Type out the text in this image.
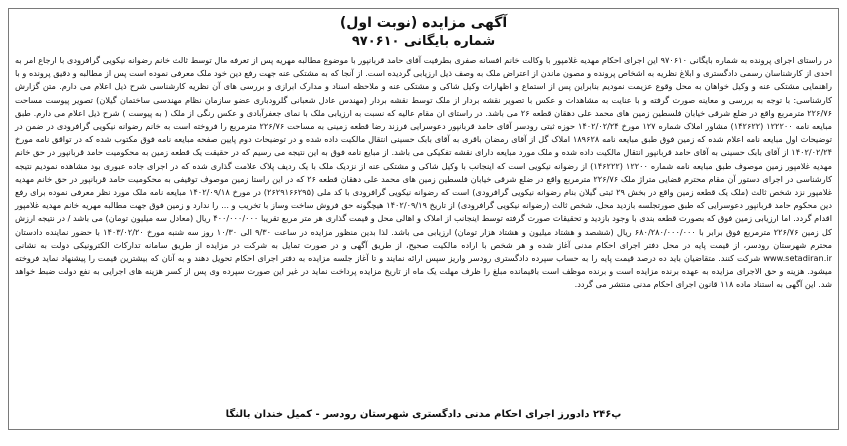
آگهی مزایده (نوبت اول)

شماره بایگانی ۹۷۰۶۱۰

در راستای اجرای پرونده به شماره بایگانی ۹۷۰۶۱۰ این اجرای احکام مهدیه غلامپور با وکالت خانم افسانه صفری بطرفیت آقای حامد قربانپور با موضوع مطالبه مهریه پس از تعرفه مال توسط ثالث خانم رضوانه نیکویی گرافرودی با ارجاع امر به احدی از کارشناسان رسمی دادگستری و ابلاغ نظریه به اشخاص پرونده و مصون ماندن از اعتراض ملک به وصف ذیل ارزیابی گردیده است. از آنجا که به مشتکی عنه جهت رفع دین خود ملک معرفی نموده است پس از مطالبه و دقیق پرونده و با راهنمایی مشتکی عنه و وکیل خواهان به محل وقوع عزیمت نمودیم بنابراین پس از استماع و اظهارات وکیل شاکی و مشتکی عنه و ملاحظه اسناد و مدارک ابرازی و بررسی های آن نظریه کارشناسی شرح ذیل اعلام می دارم. متن گزارش کارشناسی: با توجه به بررسی و معاینه صورت گرفته و با عنایت به مشاهدات و عکس با تصویر نقشه بردار از ملک توسط نقشه بردار (مهندس عادل شعبانی گلرودباری عضو سازمان نظام مهندسی ساختمان گیلان) تصویر پیوست مساحت ۲۲۶/۷۶ مترمربع واقع در ضلع شرقی خیابان فلسطین زمین های محمد علی دهقان قطعه ۲۶ می باشد. در راستای ان مقام عالیه که نسبت به ارزیابی ملک با نمای جعفرآبادی و عکس رنگی از ملک ( به پیوست ) شرح ذیل اعلام می دارم. طبق مبایعه نامه ۱۲۲۲۰۰ (۱۴۲۶۲۲) مشاور املاک شماره ۱۲۷ مورخ ۱۴۰۲/۰۲/۲۴ حوزه ثبتی رودسر آقای حامد قربانپور دعوسرایی فرزند رضا قطعه زمینی به مساحت ۲۲۶/۷۶ مترمربع را فروخته است به خانم رضوانه نیکویی گرافرودی در ضمن در توضیحات اول مبایعه نامه اعلام شده که زمین فوق طبق مبایعه نامه ۱۸۹۶۲۸ املاک گل از آقای رمضان باقری به آقای بابک حسینی انتقال مالکیت داده شده و در توضیحات دوم پایین صفحه مبایعه نامه فوق مکتوب شده که در تواقق نامه مورخ ۱۴۰۲/۰۲/۲۴ از آقای بابک حسینی به آقای حامد قربانپور انتقال مالکیت داده شده و ملک مورد مبایعه دارای نقشه تفکیکی می باشد. از مبایع نامه فوق به این نتیجه می رسیم که در حقیقت یک قطعه زمین به محکومیت حامد قربانپور در حق خانم مهدیه غلامپور زمین موصوف طبق مبایعه نامه شماره ۱۲۲۰۰ (۱۴۶۲۲۲) از رضوانه نیکویی است که اینجانب با وکیل شاکی و مشتکی عنه از نزدیک ملک با یک ردیف پلاک علامت گذاری شده که در اجرای جاده عبوری بود مشاهده نمودیم نتیجه کارشناسی در اجرای دستور آن مقام محترم قضایی متراژ ملک ۲۲۶/۷۶ مترمربع واقع در ضلع شرقی خیابان فلسطین زمین های محمد علی دهقان قطعه ۲۶ که در این راستا زمین موصوف توقیفی به محکومیت حامد قربانپور در حق خانم مهدیه غلامپور نزد شخص ثالث (ملک یک قطعه زمین واقع در بخش ۲۹ ثبتی گیلان بنام رضوانه نیکویی گرافرودی) است که رضوانه نیکویی گرافرودی با کد ملی (۲۶۲۹۱۶۶۲۹۵) در مورخ ۱۴۰۲/۰۹/۱۸ مبایعه نامه ملک مورد نظر معرفی نموده برای رفع دین محکوم حامد قربانپور دعوسرایی که طبق صورتجلسه بازدید محل، شخص ثالث (رضوانه نیکویی گرافرودی) از تاریخ ۱۴۰۲/۰۹/۱۹ هیچگونه حق فروش ساخت وساز با تخریب و ... را ندارد و زمین فوق جهت مطالبه مهریه خانم مهدیه غلامپور اقدام گردد. اما ارزیابی زمین فوق که بصورت قطعه بندی با وجود بازدید و تحقیقات صورت گرفته توسط اینجانب از املاک و اهالی محل و قیمت گذاری هر متر مربع تقریبا ۴۰۰/۰۰۰/۰۰۰ ریال (معادل سه میلیون تومان) می باشد / در نتیجه ارزش کل زمین ۲۲۶/۷۶ مترمربع فوق برابر با ۶۸۰/۲۸۰/۰۰۰/۰۰۰ ریال (ششصد و هشتاد میلیون و هشتاد هزار تومان) ارزیابی می باشد. لذا بدین منظور مزایده در ساعت ۹/۳۰ الی ۱۰/۳۰ روز سه شنبه مورخ ۱۴۰۳/۰۲/۲۰ با حضور نماینده دادستان محترم شهرستان رودسر، از قیمت پایه در محل دفتر اجرای احکام مدنی آغاز شده و هر شخص با اراده مالکیت صحیح، از طریق آگهی و در صورت تمایل به شرکت در مزایده از طریق سامانه تدارکات الکترونیکی دولت به نشانی www.setadiran.ir شرکت کنند. متقاضیان باید ده درصد قیمت پایه را به حساب سپرده دادگستری رودسر واریز سپس ارائه نمایند و تا آغاز جلسه مزایده به دفتر اجرای احکام تحویل دهند و به آنان که بیشترین قیمت را پیشنهاد نماید فروخته میشود. هزینه و حق الاجرای مزایده به عهده برنده مزایده است و برنده موظف است باقیمانده مبلغ را ظرف مهلت یک ماه از تاریخ مزایده پرداخت نماید در غیر این صورت سپرده وی پس از کسر هزینه های اجرایی به نفع دولت ضبط خواهد شد. این آگهی به استناد ماده ۱۱۸ قانون اجرای احکام مدنی منتشر می گردد.

پ۲۴۶ دادورز اجرای احکام مدنی دادگستری شهرستان رودسر - کمیل خندان بالنگا
